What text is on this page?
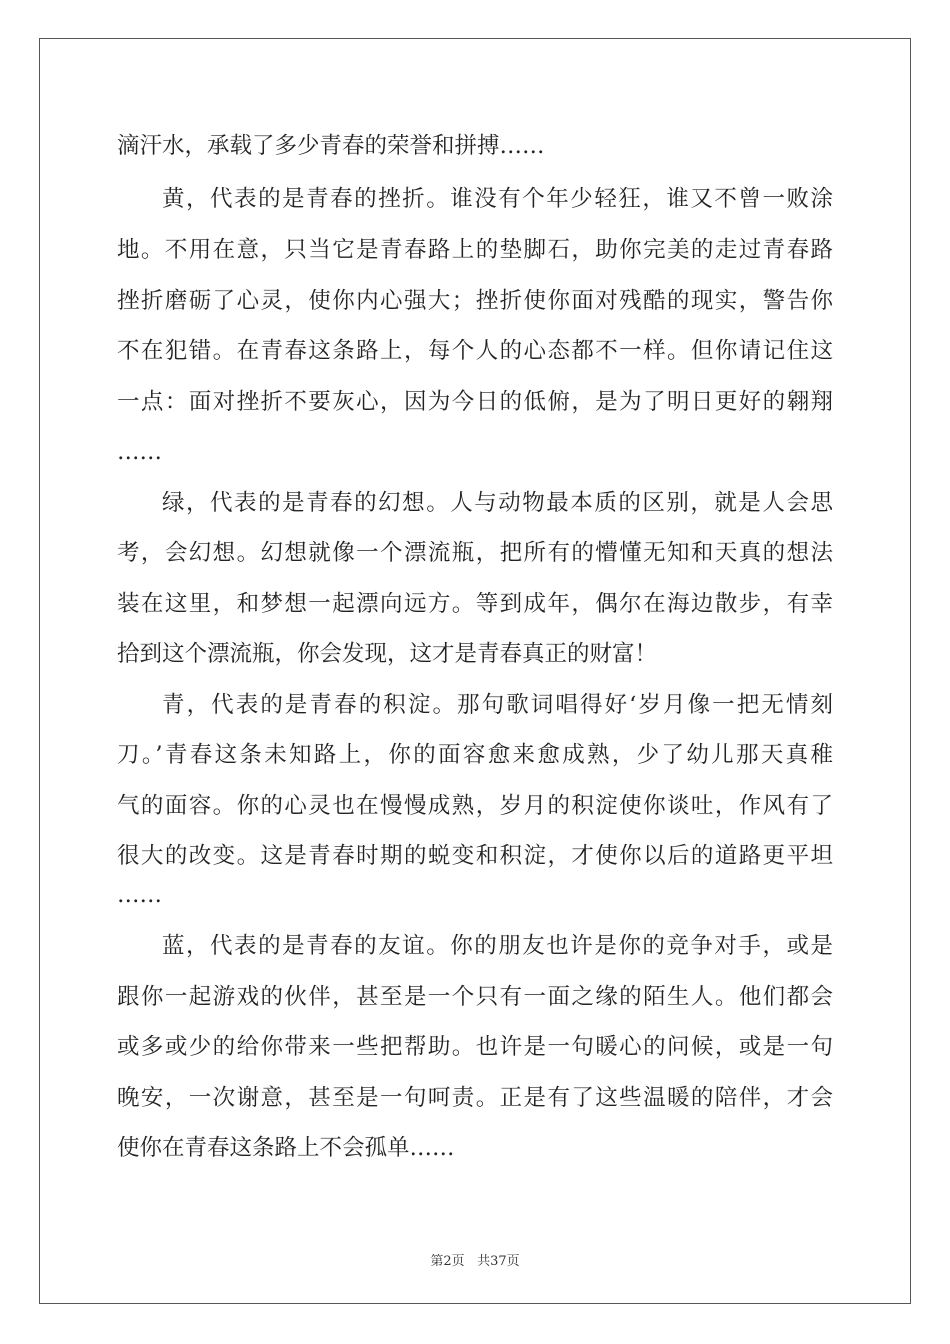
滴汗水，承载了多少青春的荣誉和拼搏……
黄，代表的是青春的挫折。谁没有个年少轻狂，谁又不曾一败涂
地。不用在意，只当它是青春路上的垫脚石，助你完美的走过青春路
挫折磨砺了心灵，使你内心强大；挫折使你面对残酷的现实，警告你
不在犯错。在青春这条路上，每个人的心态都不一样。但你请记住这
一点：面对挫折不要灰心，因为今日的低俯，是为了明日更好的翱翔
……
绿，代表的是青春的幻想。人与动物最本质的区别，就是人会思
考，会幻想。幻想就像一个漂流瓶，把所有的懵懂无知和天真的想法
装在这里，和梦想一起漂向远方。等到成年，偶尔在海边散步，有幸
拾到这个漂流瓶，你会发现，这才是青春真正的财富！
青，代表的是青春的积淀。那句歌词唱得好‘岁月像一把无情刻
刀。’青春这条未知路上，你的面容愈来愈成熟，少了幼儿那天真稚
气的面容。你的心灵也在慢慢成熟，岁月的积淀使你谈吐，作风有了
很大的改变。这是青春时期的蜕变和积淀，才使你以后的道路更平坦
……
蓝，代表的是青春的友谊。你的朋友也许是你的竞争对手，或是
跟你一起游戏的伙伴，甚至是一个只有一面之缘的陌生人。他们都会
或多或少的给你带来一些把帮助。也许是一句暖心的问候，或是一句
晚安，一次谢意，甚至是一句呵责。正是有了这些温暖的陪伴，才会
使你在青春这条路上不会孤单……
第2页 共37页
